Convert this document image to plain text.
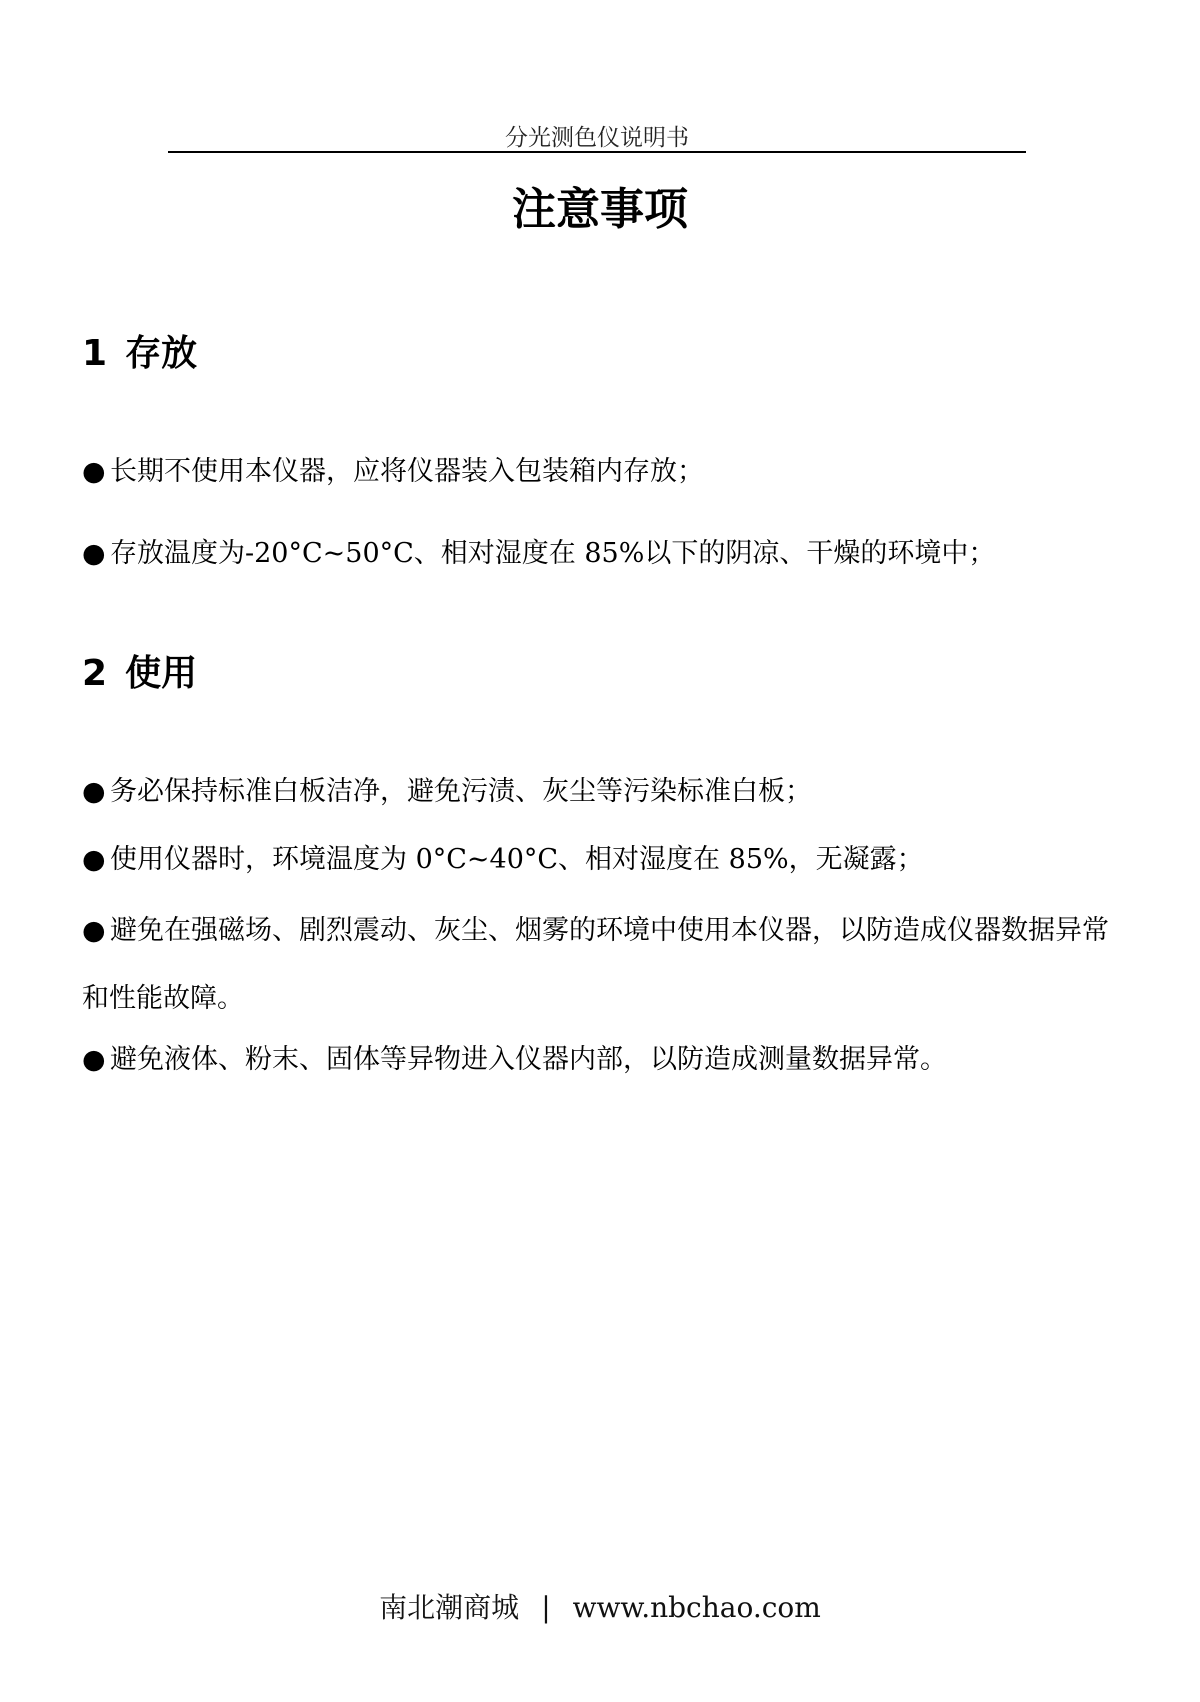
分光测色仪说明书
注意事项
1 存放
● 长期不使用本仪器，应将仪器装入包装箱内存放；
● 存放温度为-20°C~50°C、相对湿度在 85%以下的阴凉、干燥的环境中；
2 使用
● 务必保持标准白板洁净，避免污渍、灰尘等污染标准白板；
● 使用仪器时，环境温度为 0°C~40°C、相对湿度在 85%，无凝露；
● 避免在强磁场、剧烈震动、灰尘、烟雾的环境中使用本仪器，以防造成仪器数据异常和性能故障。
● 避免液体、粉末、固体等异物进入仪器内部，以防造成测量数据异常。
南北潮商城 | www.nbchao.com
